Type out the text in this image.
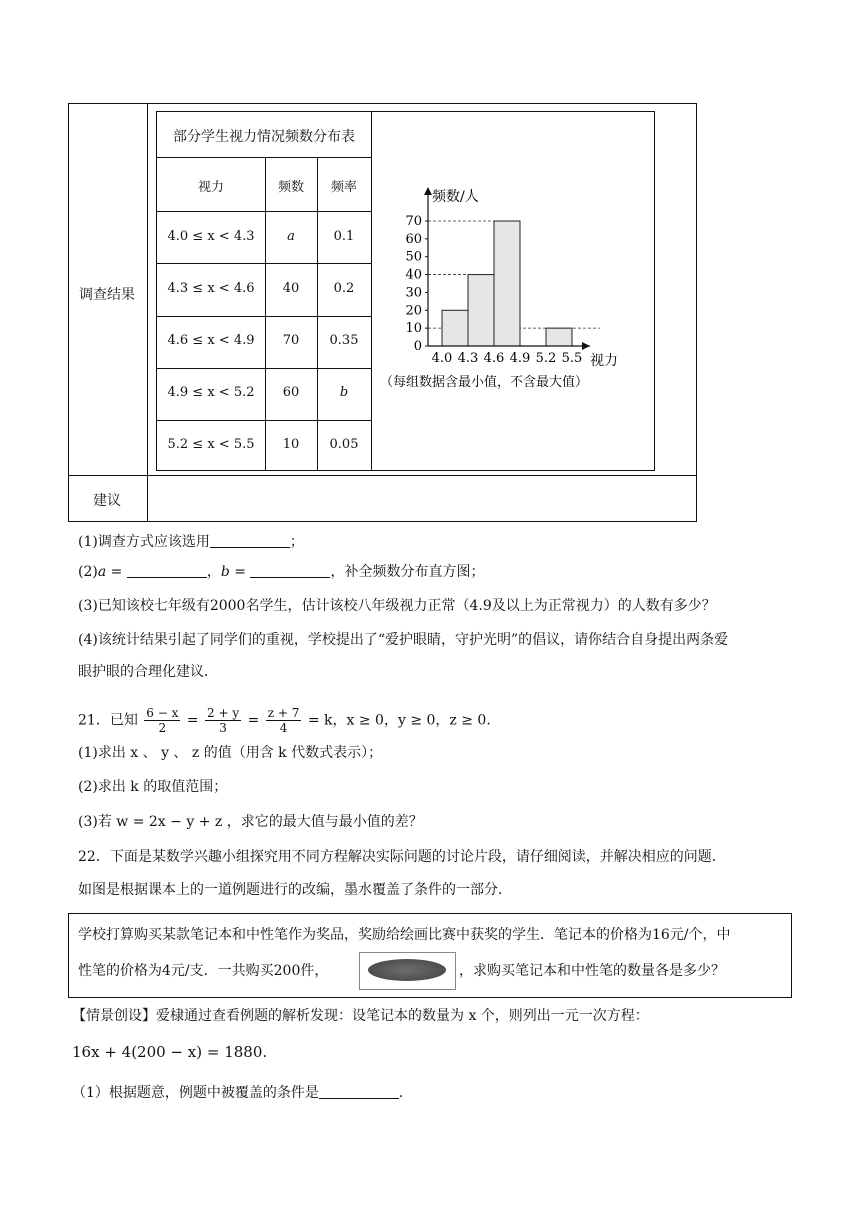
调查结果
建议
部分学生视力情况频数分布表
视力	频数	频率
4.0 ≤ x < 4.3	a	0.1
4.3 ≤ x < 4.6	40	0.2
4.6 ≤ x < 4.9	70	0.35
4.9 ≤ x < 5.2	60	b
5.2 ≤ x < 5.5	10	0.05
频数/人
视力
（每组数据含最小值，不含最大值）
0
10
20
30
40
50
60
70
4.0 4.3 4.6 4.9 5.2 5.5
(1)调查方式应该选用	；
(2)a =	，b =	，补全频数分布直方图；
(3)已知该校七年级有2000名学生，估计该校八年级视力正常（4.9及以上为正常视力）的人数有多少？
(4)该统计结果引起了同学们的重视，学校提出了“爱护眼睛，守护光明”的倡议，请你结合自身提出两条爱
眼护眼的合理化建议．
21．已知 $\frac{6 - x}{2} = \frac{2 + y}{3} = \frac{z + 7}{4} = k$，x ≥ 0，y ≥ 0，z ≥ 0．
(1)求出 x 、 y 、 z 的值（用含 k 代数式表示）；
(2)求出 k 的取值范围；
(3)若 w = 2x − y + z ，求它的最大值与最小值的差？
22．下面是某数学兴趣小组探究用不同方程解决实际问题的讨论片段，请仔细阅读，并解决相应的问题．
如图是根据课本上的一道例题进行的改编，墨水覆盖了条件的一部分．
学校打算购买某款笔记本和中性笔作为奖品，奖励给绘画比赛中获奖的学生．笔记本的价格为16元/个，中
性笔的价格为4元/支．一共购买200件，	，求购买笔记本和中性笔的数量各是多少？
【情景创设】爱棣通过查看例题的解析发现：设笔记本的数量为 x 个，则列出一元一次方程：
16x + 4(200 − x) = 1880.
（1）根据题意，例题中被覆盖的条件是	．
